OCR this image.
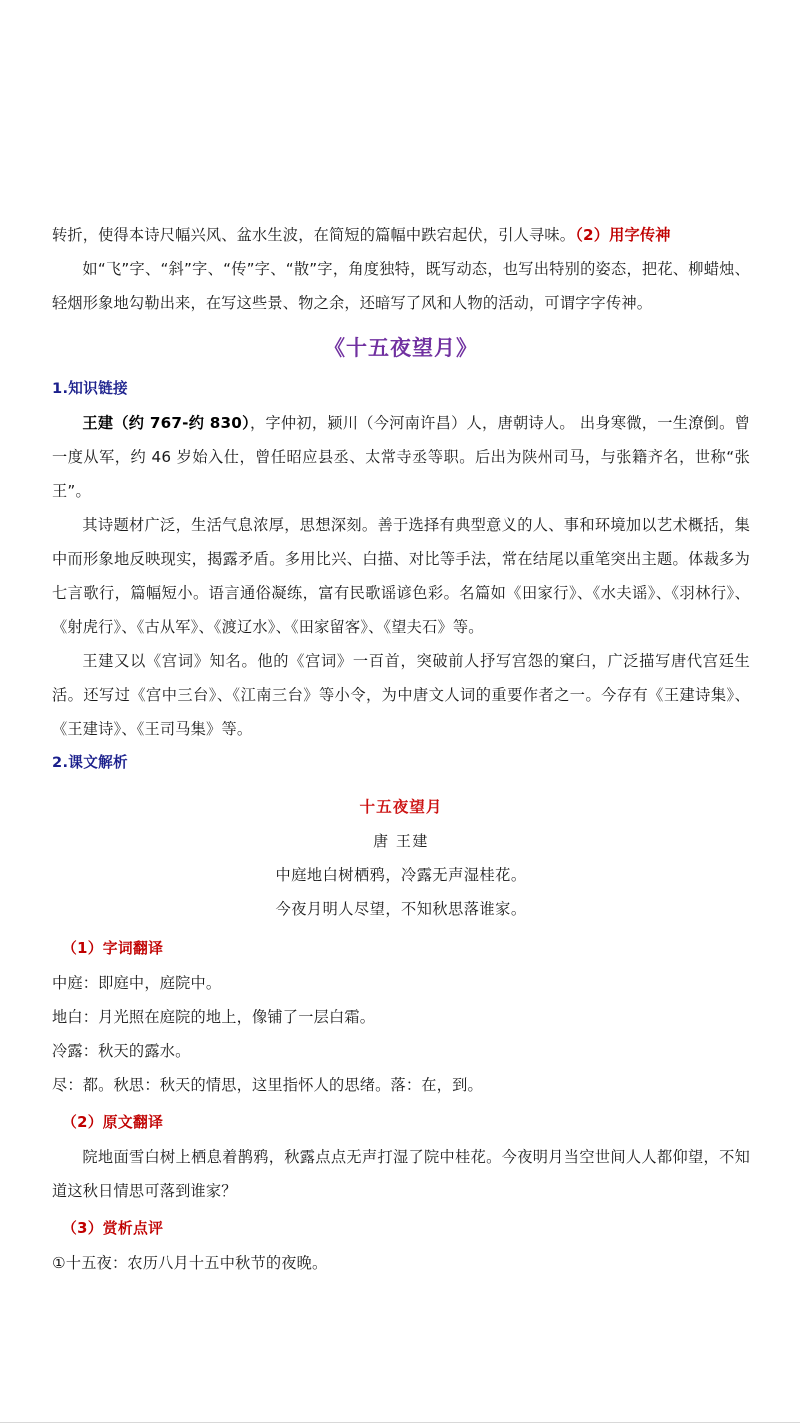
转折，使得本诗尺幅兴风、盆水生波，在简短的篇幅中跌宕起伏，引人寻味。（2）用字传神

如“飞”字、“斜”字、“传”字、“散”字，角度独特，既写动态，也写出特别的姿态，把花、柳蜡烛、轻烟形象地勾勒出来，在写这些景、物之余，还暗写了风和人物的活动，可谓字字传神。

《十五夜望月》
1.知识链接

王建（约 767-约 830），字仲初，颍川（今河南许昌）人，唐朝诗人。 出身寒微，一生潦倒。曾一度从军，约 46 岁始入仕，曾任昭应县丞、太常寺丞等职。后出为陕州司马，与张籍齐名，世称“张王”。

其诗题材广泛，生活气息浓厚，思想深刻。善于选择有典型意义的人、事和环境加以艺术概括，集中而形象地反映现实，揭露矛盾。多用比兴、白描、对比等手法，常在结尾以重笔突出主题。体裁多为七言歌行，篇幅短小。语言通俗凝练，富有民歌谣谚色彩。名篇如《田家行》、《水夫谣》、《羽林行》、《射虎行》、《古从军》、《渡辽水》、《田家留客》、《望夫石》等。

王建又以《宫词》知名。他的《宫词》一百首，突破前人抒写宫怨的窠臼，广泛描写唐代宫廷生活。还写过《宫中三台》、《江南三台》等小令，为中唐文人词的重要作者之一。今存有《王建诗集》、《王建诗》、《王司马集》等。

2.课文解析
十五夜望月
唐 王建
中庭地白树栖鸦，冷露无声湿桂花。
今夜月明人尽望，不知秋思落谁家。
（1）字词翻译

中庭：即庭中，庭院中。

地白：月光照在庭院的地上，像铺了一层白霜。

冷露：秋天的露水。

尽：都。秋思：秋天的情思，这里指怀人的思绪。落：在，到。

（2）原文翻译

院地面雪白树上栖息着鹊鸦，秋露点点无声打湿了院中桂花。今夜明月当空世间人人都仰望，不知道这秋日情思可落到谁家？

（3）赏析点评

①十五夜：农历八月十五中秋节的夜晚。
